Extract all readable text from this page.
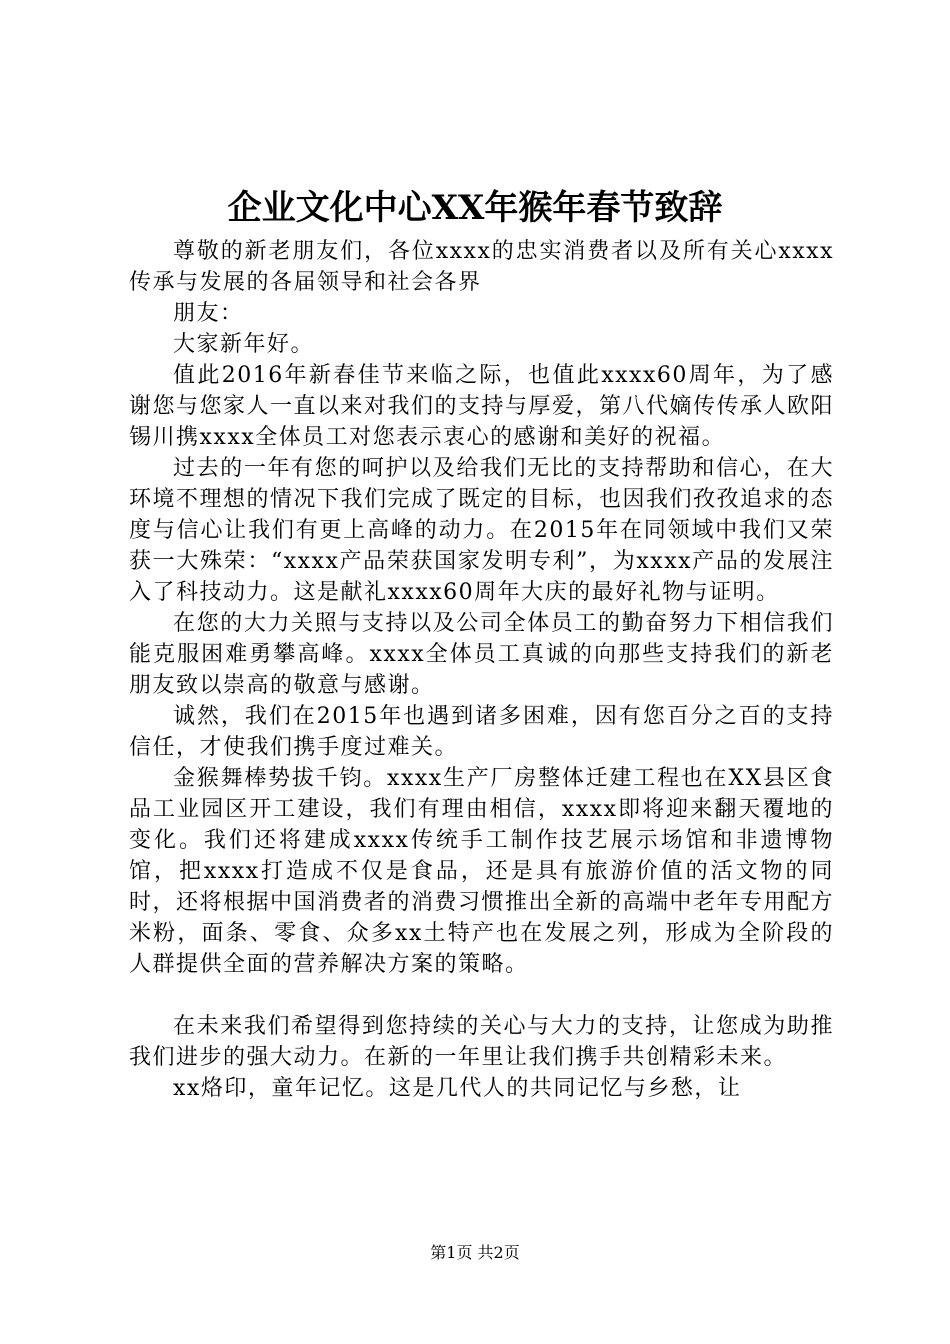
企业文化中心XX年猴年春节致辞

尊敬的新老朋友们，各位xxxx的忠实消费者以及所有关心xxxx传承与发展的各届领导和社会各界

朋友：

大家新年好。

值此2016年新春佳节来临之际，也值此xxxx60周年，为了感谢您与您家人一直以来对我们的支持与厚爱，第八代嫡传传承人欧阳锡川携xxxx全体员工对您表示衷心的感谢和美好的祝福。

过去的一年有您的呵护以及给我们无比的支持帮助和信心，在大环境不理想的情况下我们完成了既定的目标，也因我们孜孜追求的态度与信心让我们有更上高峰的动力。在2015年在同领域中我们又荣获一大殊荣：“xxxx产品荣获国家发明专利”，为xxxx产品的发展注入了科技动力。这是献礼xxxx60周年大庆的最好礼物与证明。

在您的大力关照与支持以及公司全体员工的勤奋努力下相信我们能克服困难勇攀高峰。xxxx全体员工真诚的向那些支持我们的新老朋友致以崇高的敬意与感谢。

诚然，我们在2015年也遇到诸多困难，因有您百分之百的支持信任，才使我们携手度过难关。

金猴舞棒势拔千钧。xxxx生产厂房整体迁建工程也在XX县区食品工业园区开工建设，我们有理由相信，xxxx即将迎来翻天覆地的变化。我们还将建成xxxx传统手工制作技艺展示场馆和非遗博物馆，把xxxx打造成不仅是食品，还是具有旅游价值的活文物的同时，还将根据中国消费者的消费习惯推出全新的高端中老年专用配方米粉，面条、零食、众多xx土特产也在发展之列，形成为全阶段的人群提供全面的营养解决方案的策略。

在未来我们希望得到您持续的关心与大力的支持，让您成为助推我们进步的强大动力。在新的一年里让我们携手共创精彩未来。

xx烙印，童年记忆。这是几代人的共同记忆与乡愁，让

第1页 共2页
